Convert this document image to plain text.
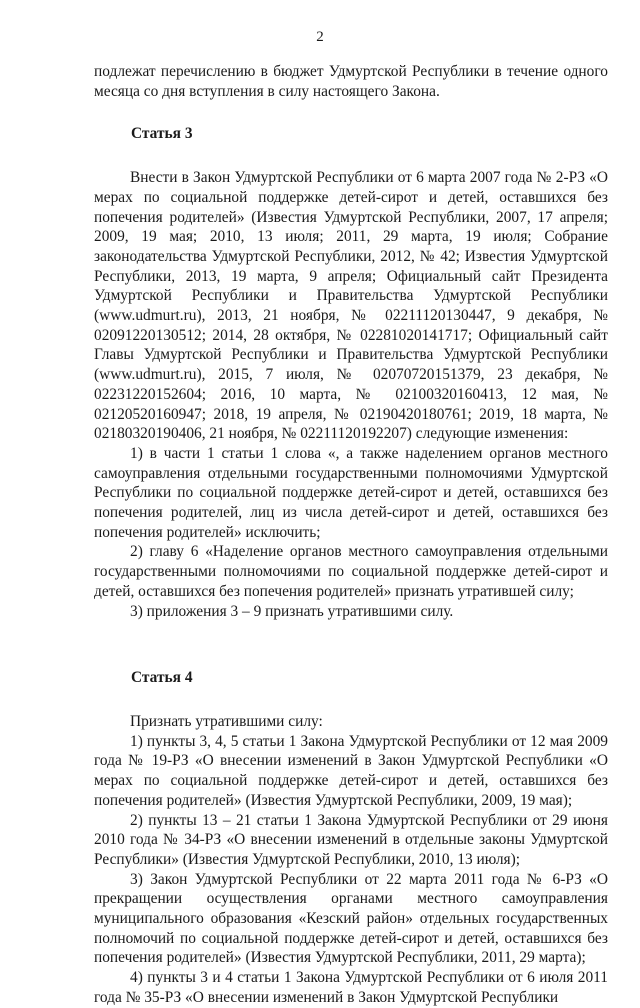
2

подлежат перечислению в бюджет Удмуртской Республики в течение одного месяца со дня вступления в силу настоящего Закона.

Статья 3

Внести в Закон Удмуртской Республики от 6 марта 2007 года № 2-РЗ «О мерах по социальной поддержке детей-сирот и детей, оставшихся без попечения родителей» (Известия Удмуртской Республики, 2007, 17 апреля; 2009, 19 мая; 2010, 13 июля; 2011, 29 марта, 19 июля; Собрание законодательства Удмуртской Республики, 2012, № 42; Известия Удмуртской Республики, 2013, 19 марта, 9 апреля; Официальный сайт Президента Удмуртской Республики и Правительства Удмуртской Республики (www.udmurt.ru), 2013, 21 ноября, № 02211120130447, 9 декабря, № 02091220130512; 2014, 28 октября, № 02281020141717; Официальный сайт Главы Удмуртской Республики и Правительства Удмуртской Республики (www.udmurt.ru), 2015, 7 июля, № 02070720151379, 23 декабря, № 02231220152604; 2016, 10 марта, № 02100320160413, 12 мая, № 02120520160947; 2018, 19 апреля, № 02190420180761; 2019, 18 марта, № 02180320190406, 21 ноября, № 02211120192207) следующие изменения:

1) в части 1 статьи 1 слова «, а также наделением органов местного самоуправления отдельными государственными полномочиями Удмуртской Республики по социальной поддержке детей-сирот и детей, оставшихся без попечения родителей, лиц из числа детей-сирот и детей, оставшихся без попечения родителей» исключить;

2) главу 6 «Наделение органов местного самоуправления отдельными государственными полномочиями по социальной поддержке детей-сирот и детей, оставшихся без попечения родителей» признать утратившей силу;

3) приложения 3 – 9 признать утратившими силу.

Статья 4

Признать утратившими силу:

1) пункты 3, 4, 5 статьи 1 Закона Удмуртской Республики от 12 мая 2009 года № 19-РЗ «О внесении изменений в Закон Удмуртской Республики «О мерах по социальной поддержке детей-сирот и детей, оставшихся без попечения родителей» (Известия Удмуртской Республики, 2009, 19 мая);

2) пункты 13 – 21 статьи 1 Закона Удмуртской Республики от 29 июня 2010 года № 34-РЗ «О внесении изменений в отдельные законы Удмуртской Республики» (Известия Удмуртской Республики, 2010, 13 июля);

3) Закон Удмуртской Республики от 22 марта 2011 года № 6-РЗ «О прекращении осуществления органами местного самоуправления муниципального образования «Кезский район» отдельных государственных полномочий по социальной поддержке детей-сирот и детей, оставшихся без попечения родителей» (Известия Удмуртской Республики, 2011, 29 марта);

4) пункты 3 и 4 статьи 1 Закона Удмуртской Республики от 6 июля 2011 года № 35-РЗ «О внесении изменений в Закон Удмуртской Республики
